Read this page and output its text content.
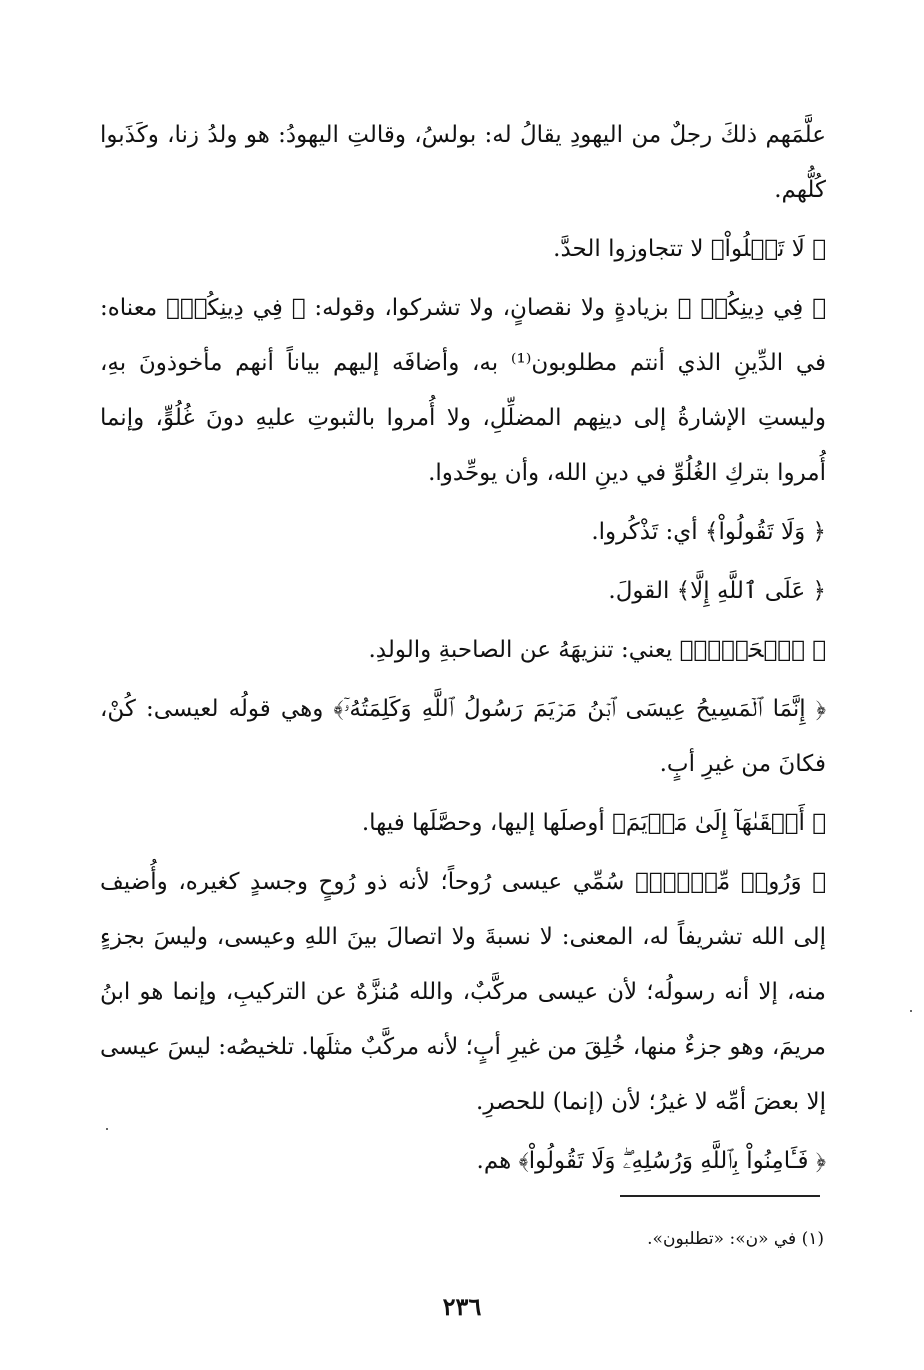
علَّمَهم ذلكَ رجلٌ من اليهودِ يقالُ له: بولسُ، وقالتِ اليهودُ: هو ولدُ زنا، وكَذَبوا كُلُّهم.

﴿ لَا تَغۡلُواْ﴾ لا تتجاوزوا الحدَّ.

﴿ فِي دِينِكُمۡ ﴾ بزيادةٍ ولا نقصانٍ، ولا تشركوا، وقوله: ﴿ فِي دِينِكُمۡ﴾ معناه: في الدِّينِ الذي أنتم مطلوبون⁽¹⁾ به، وأضافَه إليهم بياناً أنهم مأخوذونَ بهِ، وليستِ الإشارةُ إلى دينِهم المضلِّلِ، ولا أُمروا بالثبوتِ عليهِ دونَ غُلُوٍّ، وإنما أُمروا بتركِ الغُلُوِّ في دينِ الله، وأن يوحِّدوا.

﴿ وَلَا تَقُولُواْ﴾ أي: تَذْكُروا.

﴿ عَلَى ٱللَّهِ إِلَّا﴾ القولَ.

﴿ ٱلۡحَقَّۚ﴾ يعني: تنزيهَهُ عن الصاحبةِ والولدِ.

﴿ إِنَّمَا ٱلۡمَسِيحُ عِيسَى ٱبۡنُ مَرۡيَمَ رَسُولُ ٱللَّهِ وَكَلِمَتُهُۥٓ﴾ وهي قولُه لعيسى: كُنْ، فكانَ من غيرِ أبٍ.

﴿ أَلۡقَىٰهَآ إِلَىٰ مَرۡيَمَ﴾ أوصلَها إليها، وحصَّلَها فيها.

﴿ وَرُوحٞ مِّنۡهُۖ﴾ سُمِّي عيسى رُوحاً؛ لأنه ذو رُوحٍ وجسدٍ كغيره، وأُضيف إلى الله تشريفاً له، المعنى: لا نسبةَ ولا اتصالَ بينَ اللهِ وعيسى، وليسَ بجزءٍ منه، إلا أنه رسولُه؛ لأن عيسى مركَّبٌ، والله مُنزَّهٌ عن التركيبِ، وإنما هو ابنُ مريمَ، وهو جزءٌ منها، خُلِقَ من غيرِ أبٍ؛ لأنه مركَّبٌ مثلَها. تلخيصُه: ليسَ عيسى إلا بعضَ أمِّه لا غيرُ؛ لأن (إنما) للحصرِ.

﴿ فَـَٔامِنُواْ بِٱللَّهِ وَرُسُلِهِۦۖ وَلَا تَقُولُواْ﴾ هم.

(١) في «ن»: «تطلبون».
٢٣٦
